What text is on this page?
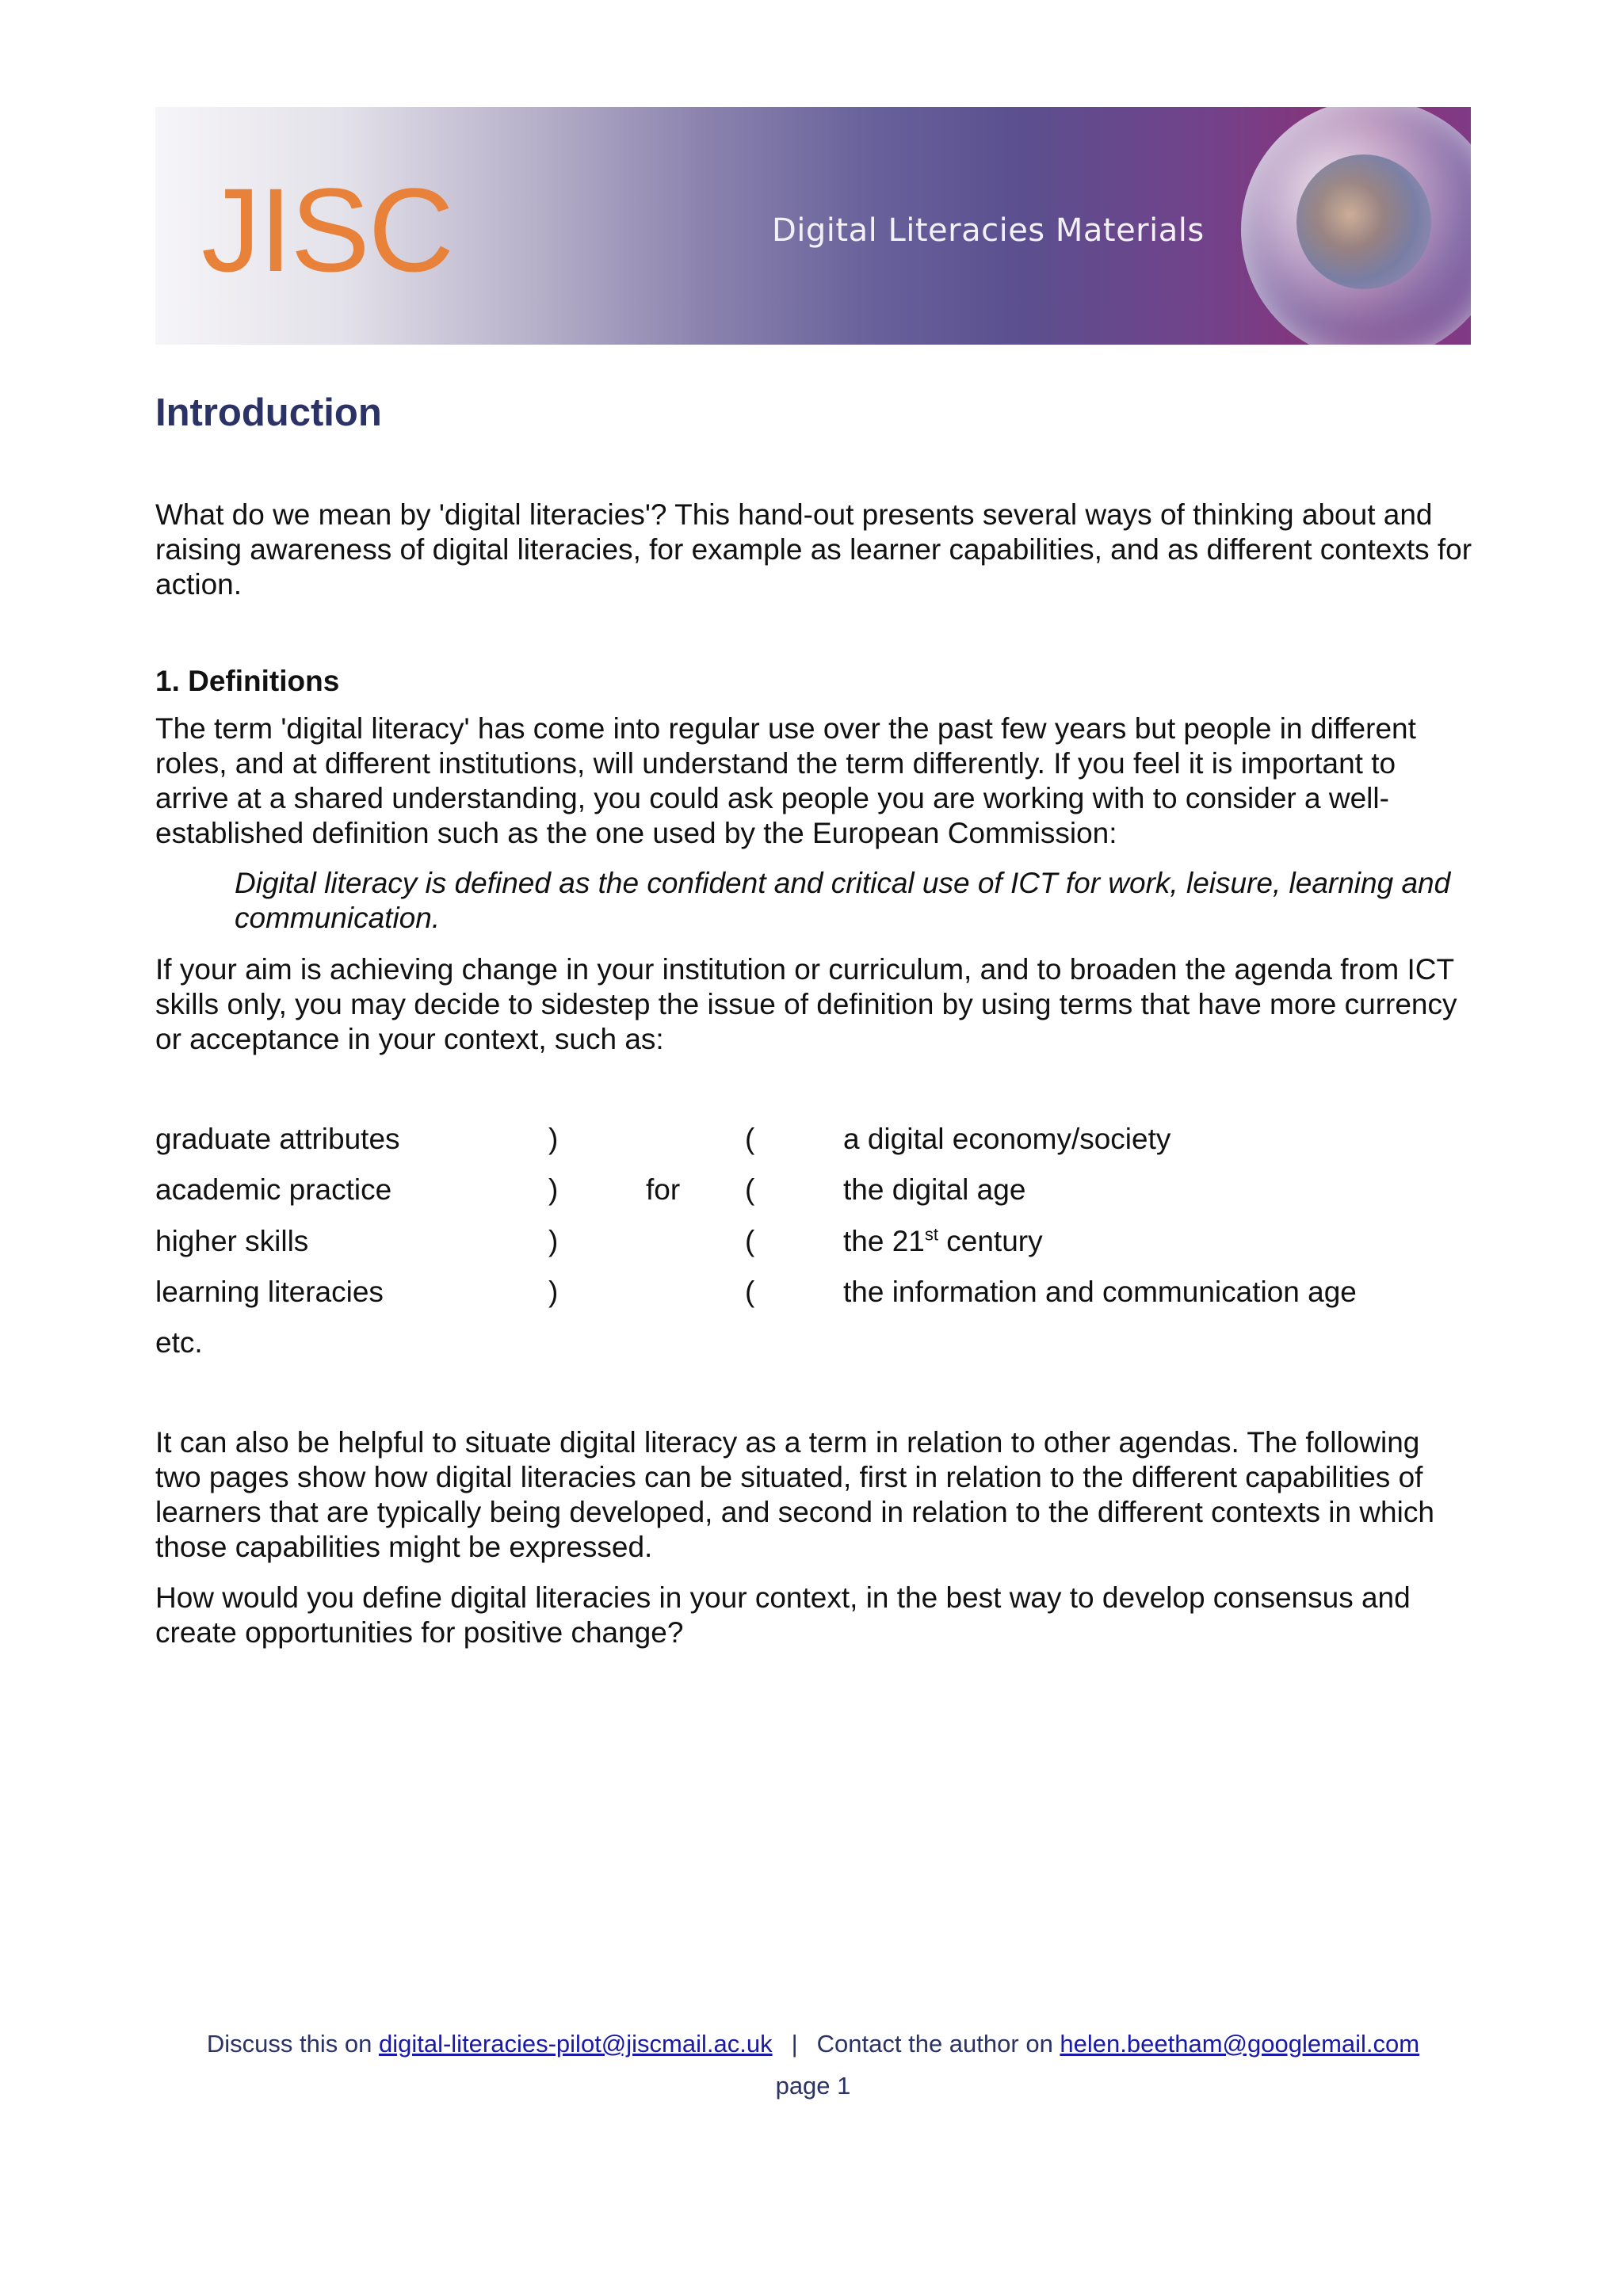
JISC	Digital Literacies Materials
Introduction

What do we mean by 'digital literacies'? This hand-out presents several ways of thinking about and raising awareness of digital literacies, for example as learner capabilities, and as different contexts for action.

1. Definitions

The term 'digital literacy' has come into regular use over the past few years but people in different roles, and at different institutions, will understand the term differently. If you feel it is important to arrive at a shared understanding, you could ask people you are working with to consider a well-established definition such as the one used by the European Commission:

Digital literacy is defined as the confident and critical use of ICT for work, leisure, learning and communication.

If your aim is achieving change in your institution or curriculum, and to broaden the agenda from ICT skills only, you may decide to sidestep the issue of definition by using terms that have more currency or acceptance in your context, such as:

graduate attributes	)	(	a digital economy/society
academic practice	)	for (	the digital age
higher skills	)	(	the 21st century
learning literacies	)	(	the information and communication age
etc.

It can also be helpful to situate digital literacy as a term in relation to other agendas. The following two pages show how digital literacies can be situated, first in relation to the different capabilities of learners that are typically being developed, and second in relation to the different contexts in which those capabilities might be expressed.

How would you define digital literacies in your context, in the best way to develop consensus and create opportunities for positive change?

Discuss this on digital-literacies-pilot@jiscmail.ac.uk | Contact the author on helen.beetham@googlemail.com
page 1
